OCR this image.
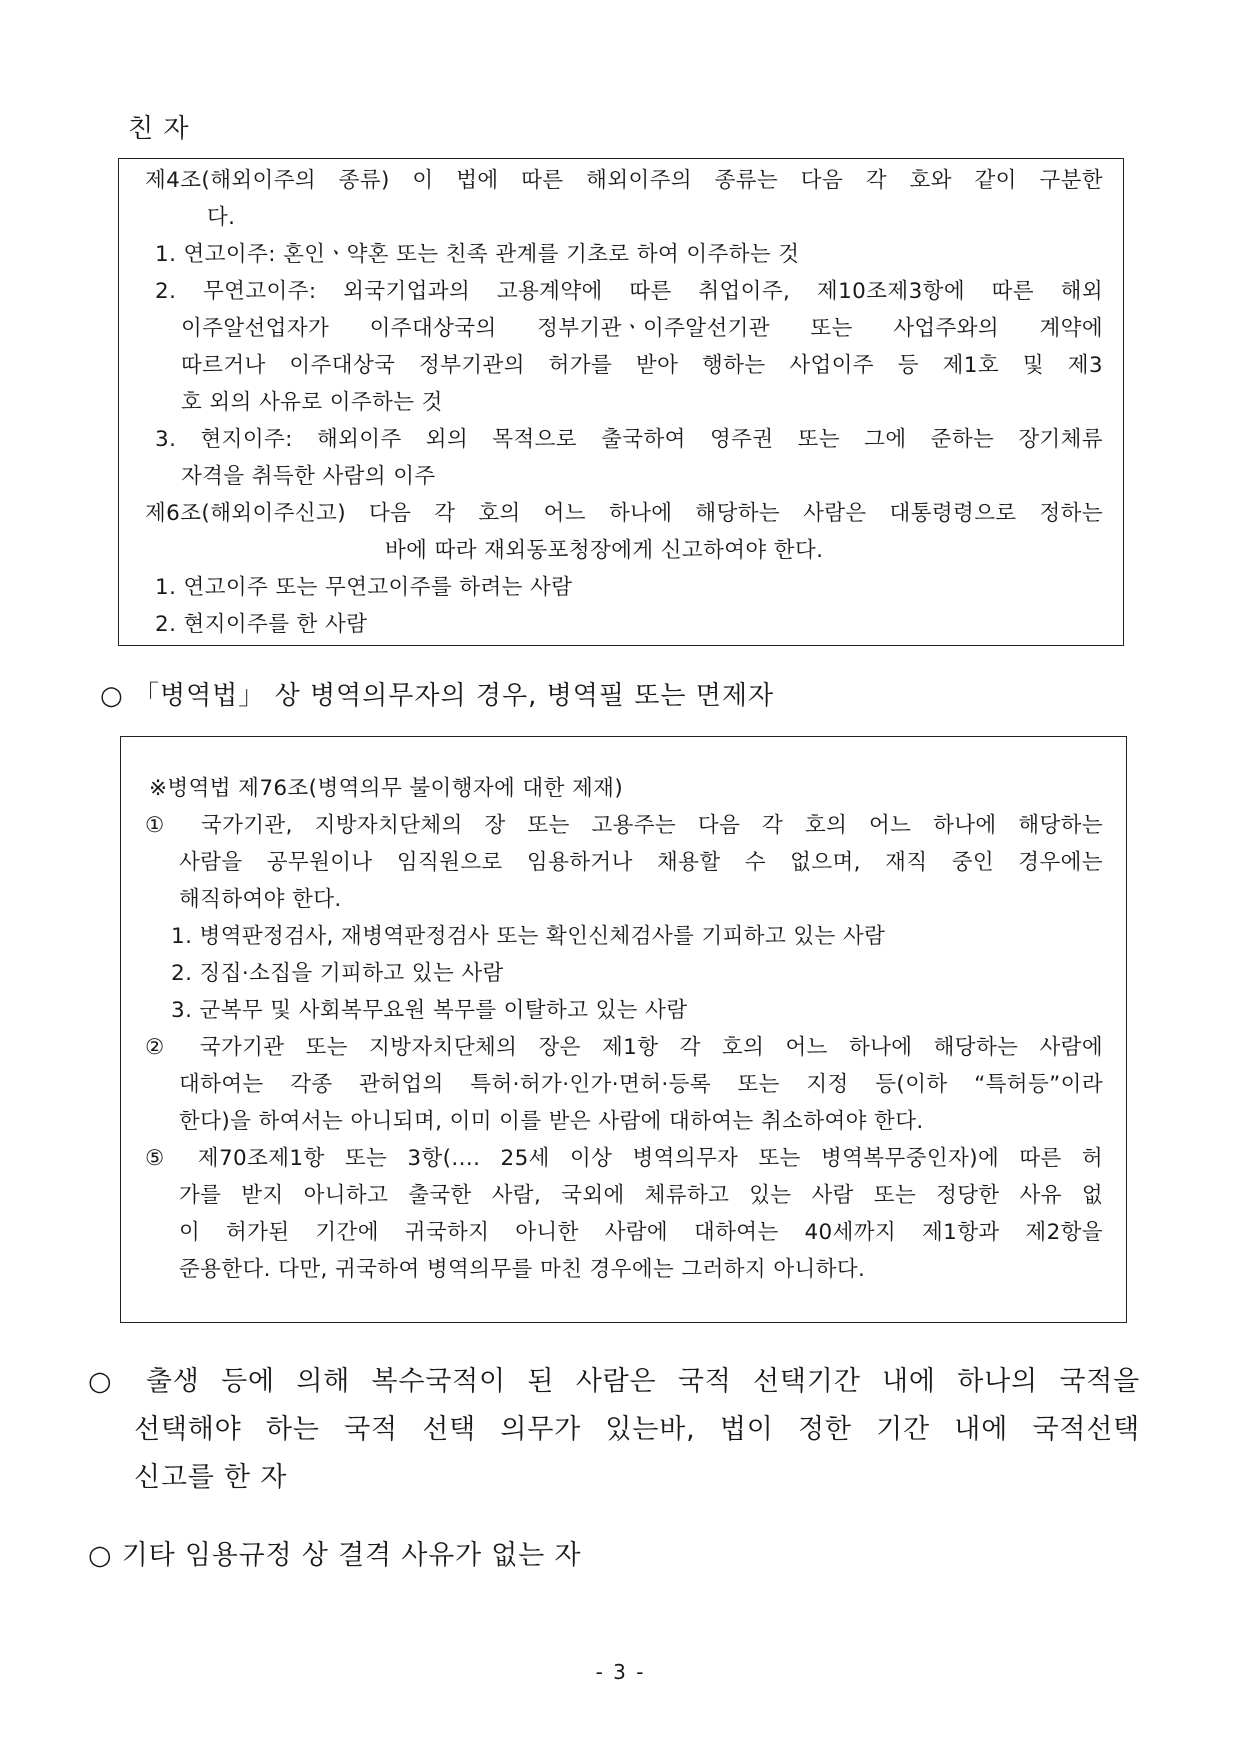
친 자
제4조(해외이주의 종류) 이 법에 따른 해외이주의 종류는 다음 각 호와 같이 구분한
다.
1. 연고이주: 혼인ㆍ약혼 또는 친족 관계를 기초로 하여 이주하는 것
2. 무연고이주: 외국기업과의 고용계약에 따른 취업이주, 제10조제3항에 따른 해외
이주알선업자가 이주대상국의 정부기관ㆍ이주알선기관 또는 사업주와의 계약에
따르거나 이주대상국 정부기관의 허가를 받아 행하는 사업이주 등 제1호 및 제3
호 외의 사유로 이주하는 것
3. 현지이주: 해외이주 외의 목적으로 출국하여 영주권 또는 그에 준하는 장기체류
자격을 취득한 사람의 이주
제6조(해외이주신고) 다음 각 호의 어느 하나에 해당하는 사람은 대통령령으로 정하는
바에 따라 재외동포청장에게 신고하여야 한다.
1. 연고이주 또는 무연고이주를 하려는 사람
2. 현지이주를 한 사람
○ 「병역법」 상 병역의무자의 경우, 병역필 또는 면제자
※병역법 제76조(병역의무 불이행자에 대한 제재)
① 국가기관, 지방자치단체의 장 또는 고용주는 다음 각 호의 어느 하나에 해당하는
사람을 공무원이나 임직원으로 임용하거나 채용할 수 없으며, 재직 중인 경우에는
해직하여야 한다.
1. 병역판정검사, 재병역판정검사 또는 확인신체검사를 기피하고 있는 사람
2. 징집·소집을 기피하고 있는 사람
3. 군복무 및 사회복무요원 복무를 이탈하고 있는 사람
② 국가기관 또는 지방자치단체의 장은 제1항 각 호의 어느 하나에 해당하는 사람에
대하여는 각종 관허업의 특허·허가·인가·면허·등록 또는 지정 등(이하 “특허등”이라
한다)을 하여서는 아니되며, 이미 이를 받은 사람에 대하여는 취소하여야 한다.
⑤ 제70조제1항 또는 3항(.... 25세 이상 병역의무자 또는 병역복무중인자)에 따른 허
가를 받지 아니하고 출국한 사람, 국외에 체류하고 있는 사람 또는 정당한 사유 없
이 허가된 기간에 귀국하지 아니한 사람에 대하여는 40세까지 제1항과 제2항을
준용한다. 다만, 귀국하여 병역의무를 마친 경우에는 그러하지 아니하다.
○ 출생 등에 의해 복수국적이 된 사람은 국적 선택기간 내에 하나의 국적을
선택해야 하는 국적 선택 의무가 있는바, 법이 정한 기간 내에 국적선택
신고를 한 자
○ 기타 임용규정 상 결격 사유가 없는 자
- 3 -
